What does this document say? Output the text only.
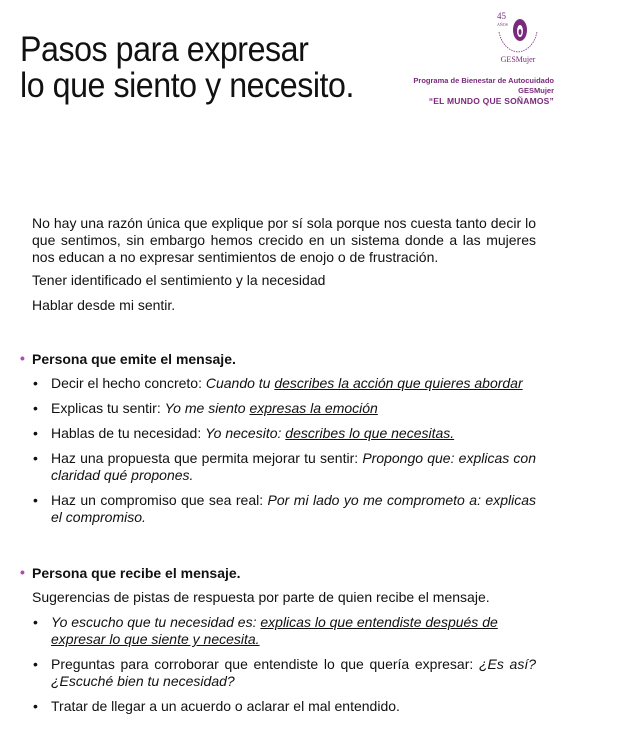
Pasos para expresar
lo que siento y necesito.
45
AÑOS
GESMujer
Programa de Bienestar de Autocuidado GESMujer
“EL MUNDO QUE SOÑAMOS”

No hay una razón única que explique por sí sola porque nos cuesta tanto decir lo que sentimos, sin embargo hemos crecido en un sistema donde a las mujeres nos educan a no expresar sentimientos de enojo o de frustración.

Tener identificado el sentimiento y la necesidad

Hablar desde mi sentir.

• Persona que emite el mensaje.

• Decir el hecho concreto: Cuando tu describes la acción que quieres abordar
• Explicas tu sentir: Yo me siento expresas la emoción
• Hablas de tu necesidad: Yo necesito: describes lo que necesitas.
• Haz una propuesta que permita mejorar tu sentir: Propongo que: explicas con claridad qué propones.
• Haz un compromiso que sea real: Por mi lado yo me comprometo a: explicas el compromiso.

• Persona que recibe el mensaje.

Sugerencias de pistas de respuesta por parte de quien recibe el mensaje.

• Yo escucho que tu necesidad es: explicas lo que entendiste después de expresar lo que siente y necesita.
• Preguntas para corroborar que entendiste lo que quería expresar: ¿Es así? ¿Escuché bien tu necesidad?
• Tratar de llegar a un acuerdo o aclarar el mal entendido.
